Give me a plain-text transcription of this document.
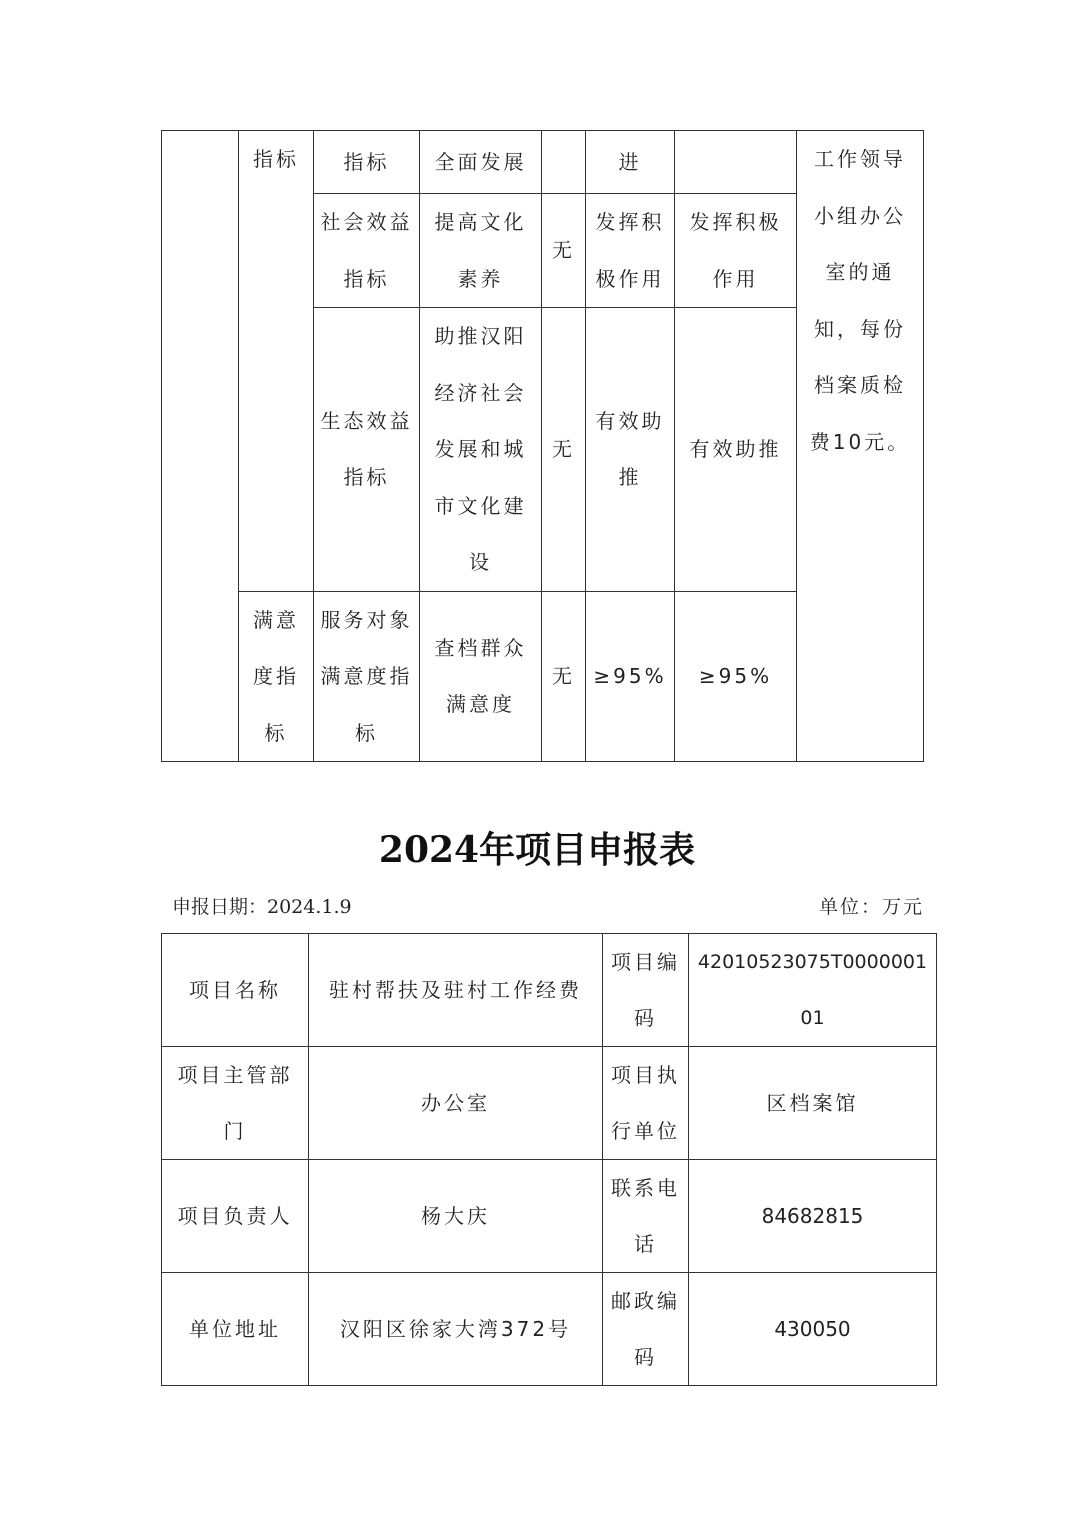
	指标	指标	全面发展		进		工作领导小组办公室的通知，每份档案质检费10元。
		社会效益指标	提高文化素养	无	发挥积极作用	发挥积极作用	
		生态效益指标	助推汉阳经济社会发展和城市文化建设	无	有效助推	有效助推	
	满意度指标	服务对象满意度指标	查档群众满意度	无	≥95%	≥95%	
2024年项目申报表
申报日期：2024.1.9	单位：万元
项目名称	驻村帮扶及驻村工作经费	项目编码	42010523075T000000101
项目主管部门	办公室	项目执行单位	区档案馆
项目负责人	杨大庆	联系电话	84682815
单位地址	汉阳区徐家大湾372号	邮政编码	430050
